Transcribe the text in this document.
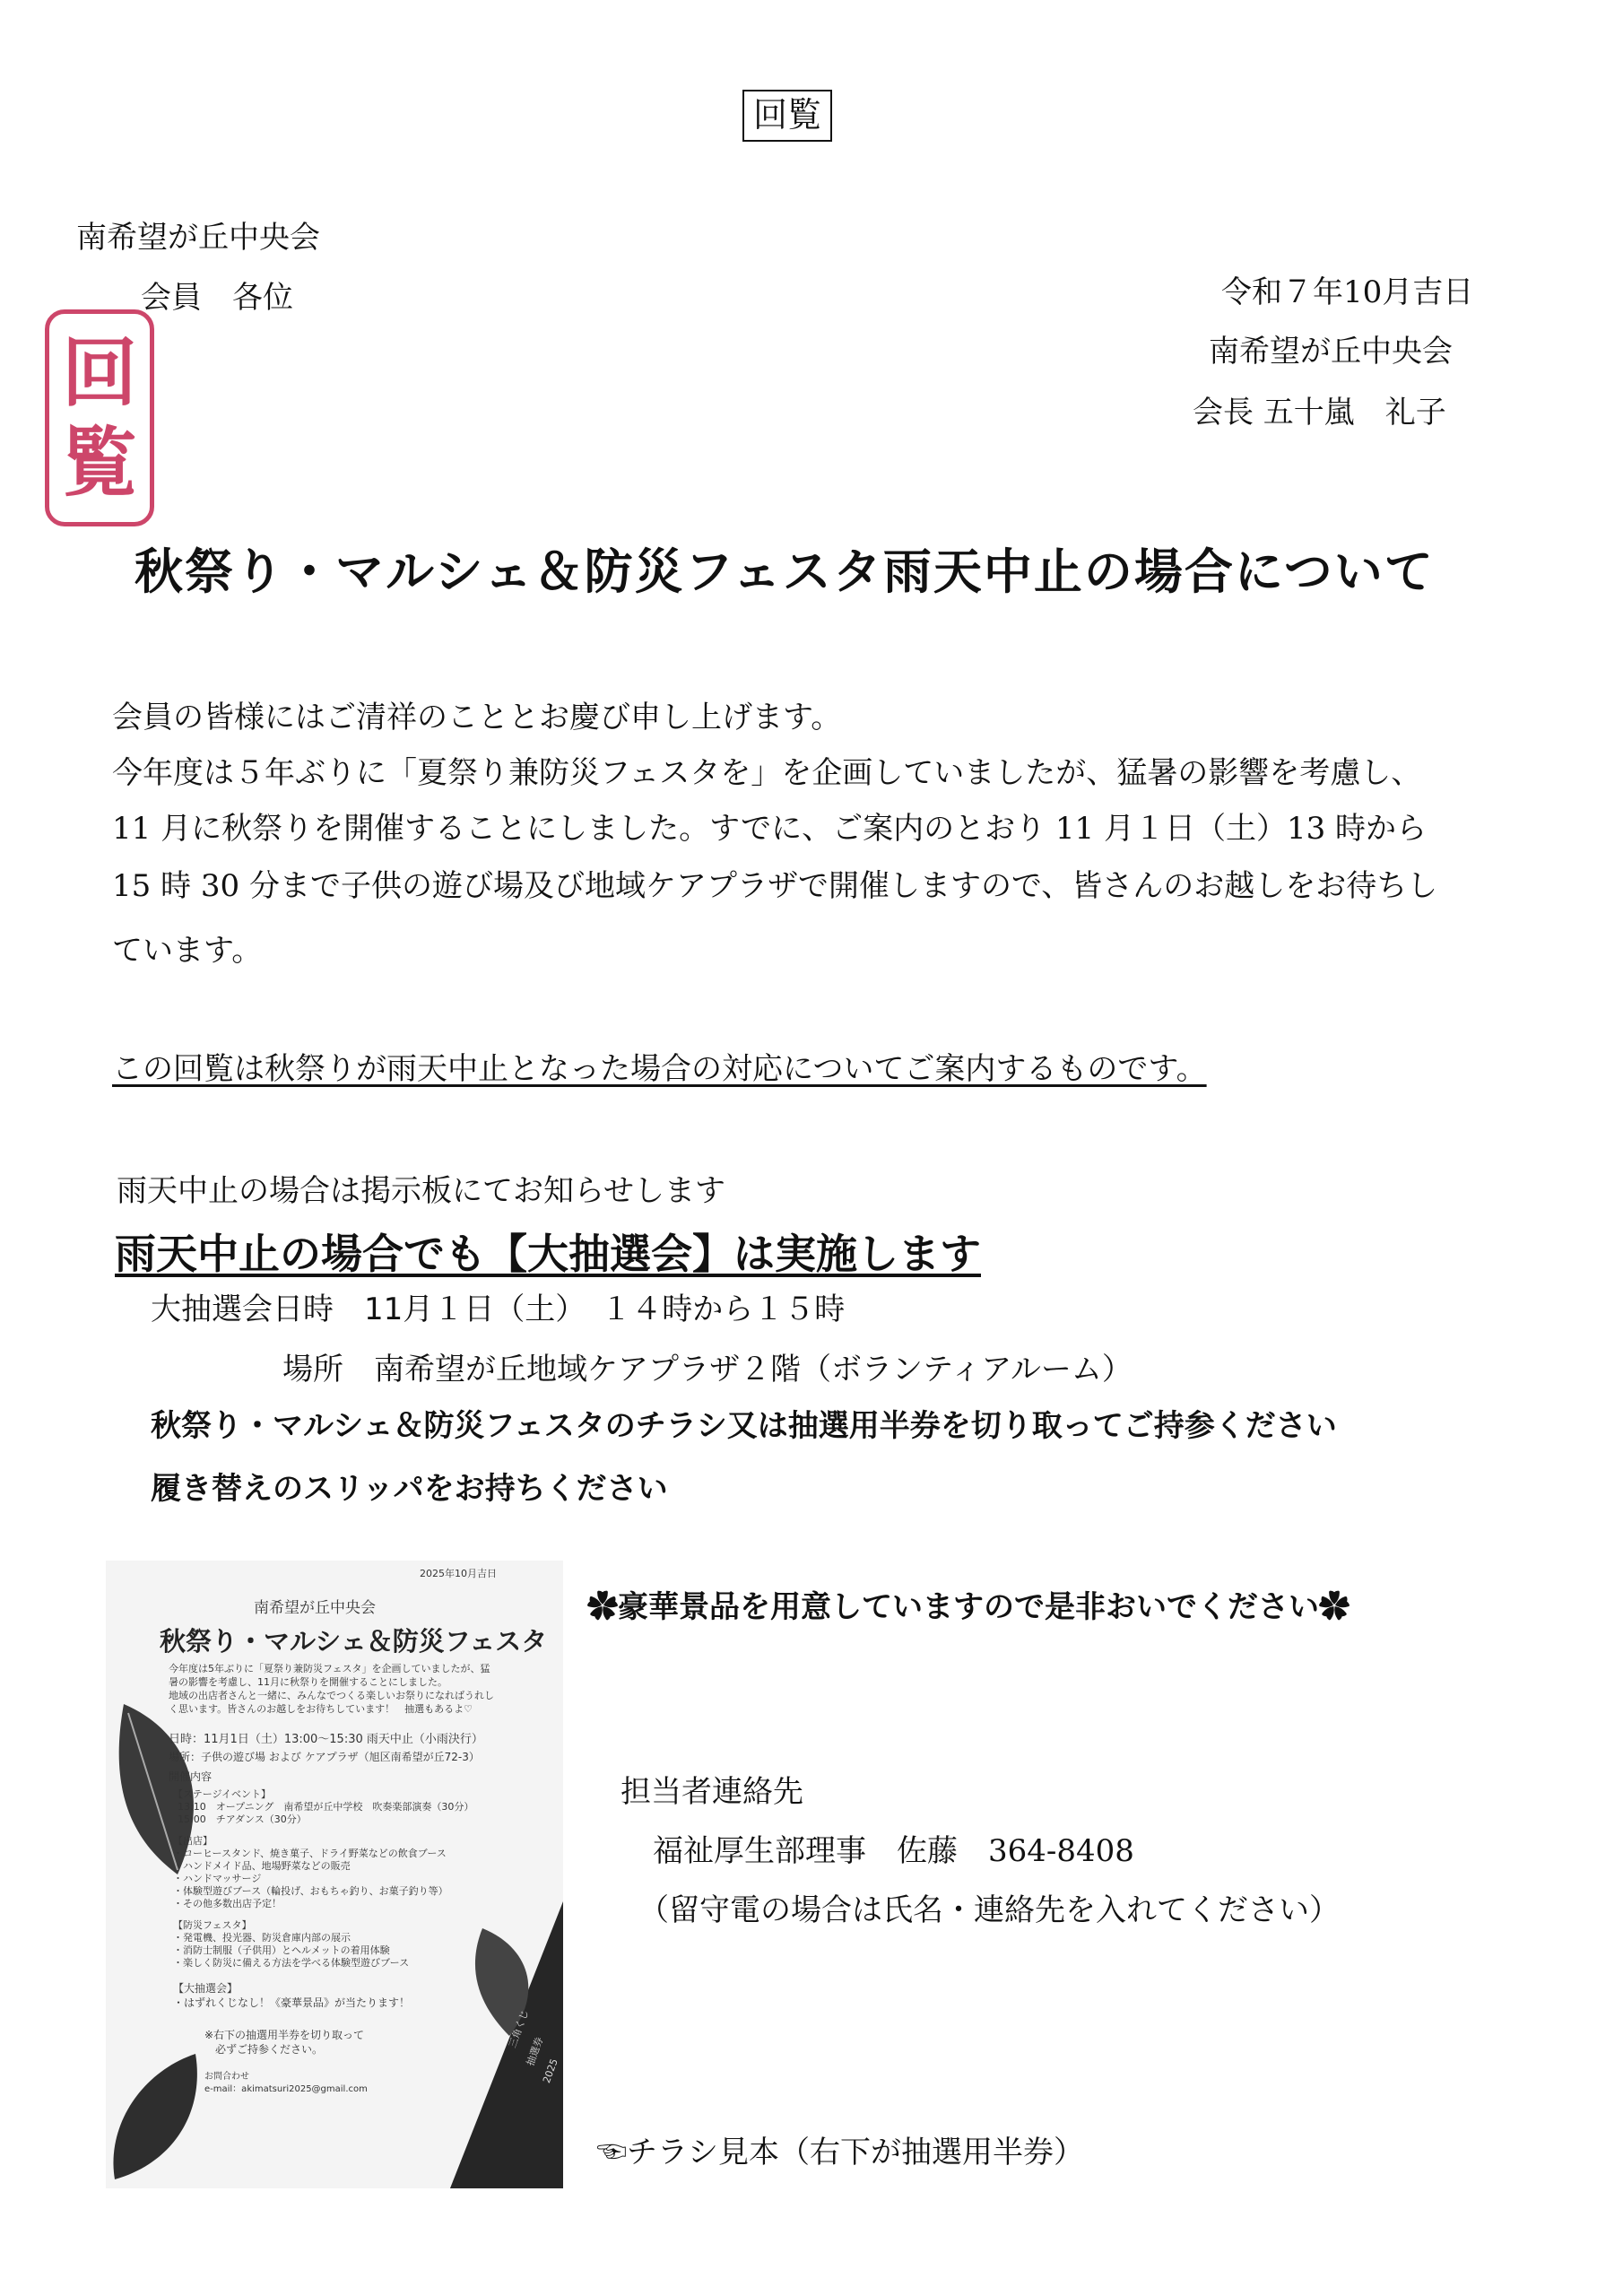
回覧
南希望が丘中央会
会員　各位
回
覧
令和７年10月吉日
南希望が丘中央会
会長 五十嵐　礼子
秋祭り・マルシェ＆防災フェスタ雨天中止の場合について
会員の皆様にはご清祥のこととお慶び申し上げます。
今年度は５年ぶりに「夏祭り兼防災フェスタを」を企画していましたが、猛暑の影響を考慮し、
11 月に秋祭りを開催することにしました。すでに、ご案内のとおり 11 月１日（土）13 時から
15 時 30 分まで子供の遊び場及び地域ケアプラザで開催しますので、皆さんのお越しをお待ちし
ています。
この回覧は秋祭りが雨天中止となった場合の対応についてご案内するものです。
雨天中止の場合は掲示板にてお知らせします
雨天中止の場合でも【大抽選会】は実施します
大抽選会日時　11月１日（土）　１４時から１５時
場所　南希望が丘地域ケアプラザ２階（ボランティアルーム）
秋祭り・マルシェ＆防災フェスタのチラシ又は抽選用半券を切り取ってご持参ください
履き替えのスリッパをお持ちください
✿豪華景品を用意していますので是非おいでください✿
担当者連絡先
福祉厚生部理事　佐藤　364-8408
（留守電の場合は氏名・連絡先を入れてください）
☜チラシ見本（右下が抽選用半券）
2025年10月吉日
南希望が丘中央会
秋祭り・マルシェ＆防災フェスタ
今年度は5年ぶりに「夏祭り兼防災フェスタ」を企画していましたが、猛
暑の影響を考慮し、11月に秋祭りを開催することにしました。
地域の出店者さんと一緒に、みんなでつくる楽しいお祭りになればうれし
く思います。皆さんのお越しをお待ちしています！　抽選もあるよ♡
日時：11月1日（土）13:00〜15:30 雨天中止（小雨決行）
場所：子供の遊び場 および ケアプラザ（旭区南希望が丘72-3）
開催内容
【ステージイベント】
13:10　オープニング　南希望が丘中学校　吹奏楽部演奏（30分）
15:00　チアダンス（30分）
【出店】
・コーヒースタンド、焼き菓子、ドライ野菜などの飲食ブース
・ハンドメイド品、地場野菜などの販売
・ハンドマッサージ
・体験型遊びブース（輪投げ、おもちゃ釣り、お菓子釣り等）
・その他多数出店予定！
【防災フェスタ】
・発電機、投光器、防災倉庫内部の展示
・消防士制服（子供用）とヘルメットの着用体験
・楽しく防災に備える方法を学べる体験型遊びブース
【大抽選会】
・はずれくじなし！《豪華景品》が当たります！
※右下の抽選用半券を切り取って
　必ずご持参ください。
お問合わせ
e-mail：akimatsuri2025@gmail.com
三角くじ
抽選券
2025
